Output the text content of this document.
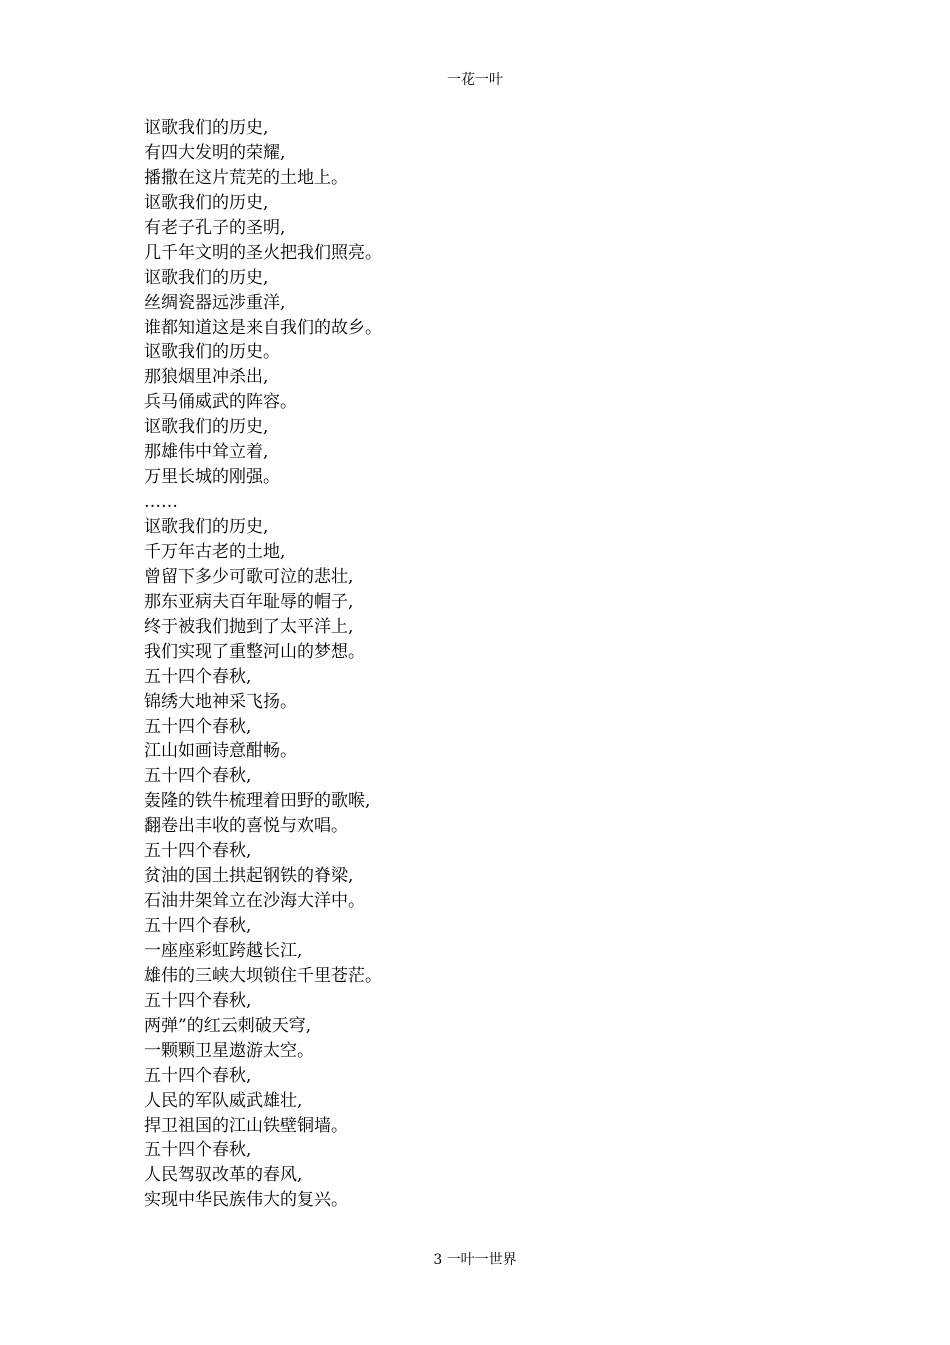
一花一叶
讴歌我们的历史,
有四大发明的荣耀,
播撒在这片荒芜的土地上。
讴歌我们的历史,
有老子孔子的圣明,
几千年文明的圣火把我们照亮。
讴歌我们的历史,
丝绸瓷器远涉重洋,
谁都知道这是来自我们的故乡。
讴歌我们的历史。
那狼烟里冲杀出,
兵马俑威武的阵容。
讴歌我们的历史,
那雄伟中耸立着,
万里长城的刚强。
……
讴歌我们的历史,
千万年古老的土地,
曾留下多少可歌可泣的悲壮,
那东亚病夫百年耻辱的帽子,
终于被我们抛到了太平洋上,
我们实现了重整河山的梦想。
五十四个春秋,
锦绣大地神采飞扬。
五十四个春秋,
江山如画诗意酣畅。
五十四个春秋,
轰隆的铁牛梳理着田野的歌喉,
翻卷出丰收的喜悦与欢唱。
五十四个春秋,
贫油的国土拱起钢铁的脊梁,
石油井架耸立在沙海大洋中。
五十四个春秋,
一座座彩虹跨越长江,
雄伟的三峡大坝锁住千里苍茫。
五十四个春秋,
两弹”的红云刺破天穹,
一颗颗卫星遨游太空。
五十四个春秋,
人民的军队威武雄壮,
捍卫祖国的江山铁壁铜墙。
五十四个春秋,
人民驾驭改革的春风,
实现中华民族伟大的复兴。
3 一叶一世界
